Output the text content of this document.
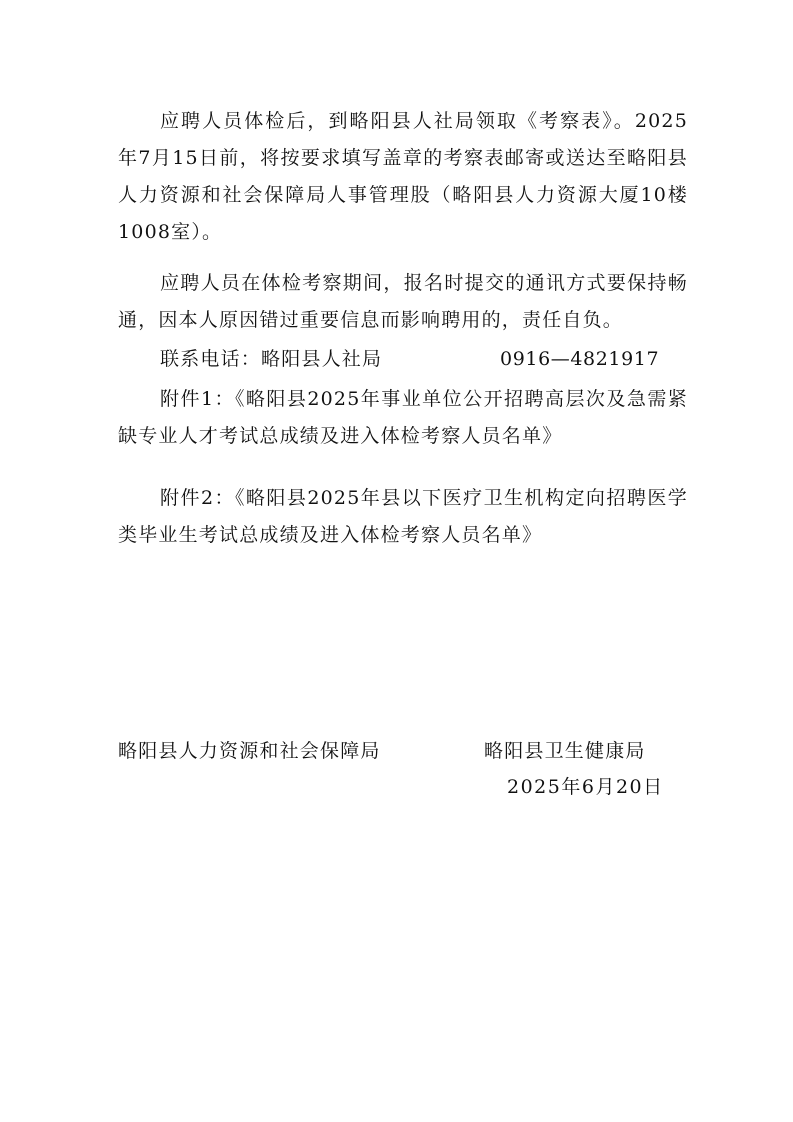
应聘人员体检后，到略阳县人社局领取《考察表》。2025年7月15日前，将按要求填写盖章的考察表邮寄或送达至略阳县人力资源和社会保障局人事管理股（略阳县人力资源大厦10楼1008室）。

应聘人员在体检考察期间，报名时提交的通讯方式要保持畅通，因本人原因错过重要信息而影响聘用的，责任自负。

联系电话：略阳县人社局	0916—4821917

附件1：《略阳县2025年事业单位公开招聘高层次及急需紧缺专业人才考试总成绩及进入体检考察人员名单》

附件2：《略阳县2025年县以下医疗卫生机构定向招聘医学类毕业生考试总成绩及进入体检考察人员名单》

略阳县人力资源和社会保障局	略阳县卫生健康局

2025年6月20日
